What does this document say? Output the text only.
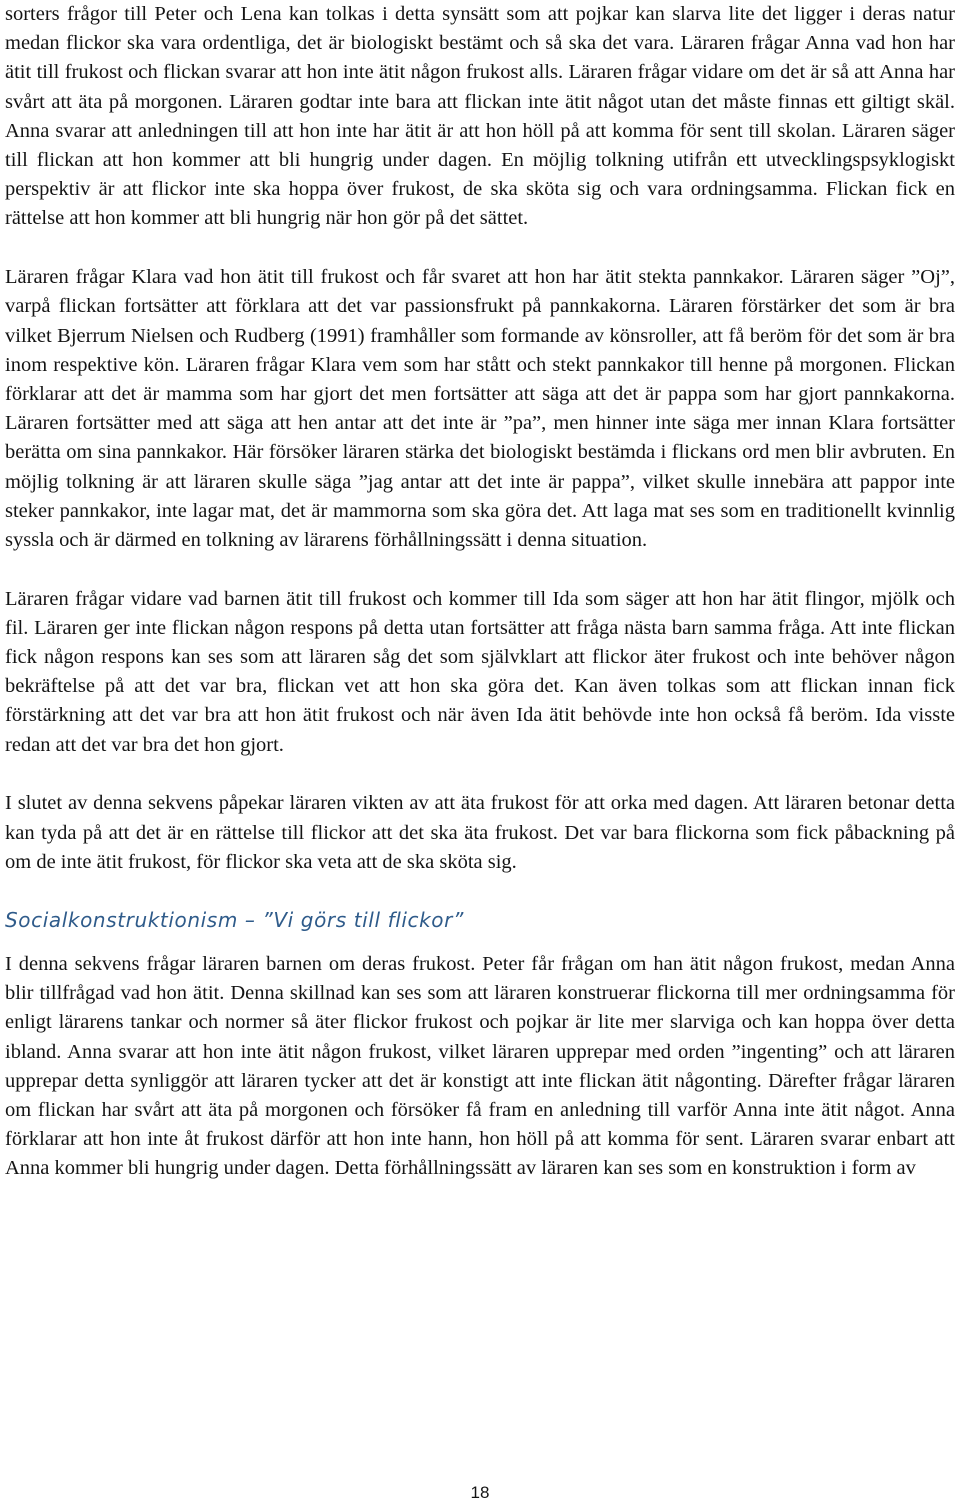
sorters frågor till Peter och Lena kan tolkas i detta synsätt som att pojkar kan slarva lite det ligger i deras natur medan flickor ska vara ordentliga, det är biologiskt bestämt och så ska det vara. Läraren frågar Anna vad hon har ätit till frukost och flickan svarar att hon inte ätit någon frukost alls. Läraren frågar vidare om det är så att Anna har svårt att äta på morgonen. Läraren godtar inte bara att flickan inte ätit något utan det måste finnas ett giltigt skäl. Anna svarar att anledningen till att hon inte har ätit är att hon höll på att komma för sent till skolan. Läraren säger till flickan att hon kommer att bli hungrig under dagen. En möjlig tolkning utifrån ett utvecklingspsyklogiskt perspektiv är att flickor inte ska hoppa över frukost, de ska sköta sig och vara ordningsamma. Flickan fick en rättelse att hon kommer att bli hungrig när hon gör på det sättet.

Läraren frågar Klara vad hon ätit till frukost och får svaret att hon har ätit stekta pannkakor. Läraren säger ”Oj”, varpå flickan fortsätter att förklara att det var passionsfrukt på pannkakorna. Läraren förstärker det som är bra vilket Bjerrum Nielsen och Rudberg (1991) framhåller som formande av könsroller, att få beröm för det som är bra inom respektive kön. Läraren frågar Klara vem som har stått och stekt pannkakor till henne på morgonen. Flickan förklarar att det är mamma som har gjort det men fortsätter att säga att det är pappa som har gjort pannkakorna. Läraren fortsätter med att säga att hen antar att det inte är ”pa”, men hinner inte säga mer innan Klara fortsätter berätta om sina pannkakor. Här försöker läraren stärka det biologiskt bestämda i flickans ord men blir avbruten. En möjlig tolkning är att läraren skulle säga ”jag antar att det inte är pappa”, vilket skulle innebära att pappor inte steker pannkakor, inte lagar mat, det är mammorna som ska göra det. Att laga mat ses som en traditionellt kvinnlig syssla och är därmed en tolkning av lärarens förhållningssätt i denna situation.

Läraren frågar vidare vad barnen ätit till frukost och kommer till Ida som säger att hon har ätit flingor, mjölk och fil. Läraren ger inte flickan någon respons på detta utan fortsätter att fråga nästa barn samma fråga. Att inte flickan fick någon respons kan ses som att läraren såg det som självklart att flickor äter frukost och inte behöver någon bekräftelse på att det var bra, flickan vet att hon ska göra det. Kan även tolkas som att flickan innan fick förstärkning att det var bra att hon ätit frukost och när även Ida ätit behövde inte hon också få beröm. Ida visste redan att det var bra det hon gjort.

I slutet av denna sekvens påpekar läraren vikten av att äta frukost för att orka med dagen. Att läraren betonar detta kan tyda på att det är en rättelse till flickor att det ska äta frukost. Det var bara flickorna som fick påbackning på om de inte ätit frukost, för flickor ska veta att de ska sköta sig.

Socialkonstruktionism – ”Vi görs till flickor”

I denna sekvens frågar läraren barnen om deras frukost. Peter får frågan om han ätit någon frukost, medan Anna blir tillfrågad vad hon ätit. Denna skillnad kan ses som att läraren konstruerar flickorna till mer ordningsamma för enligt lärarens tankar och normer så äter flickor frukost och pojkar är lite mer slarviga och kan hoppa över detta ibland. Anna svarar att hon inte ätit någon frukost, vilket läraren upprepar med orden ”ingenting” och att läraren upprepar detta synliggör att läraren tycker att det är konstigt att inte flickan ätit någonting. Därefter frågar läraren om flickan har svårt att äta på morgonen och försöker få fram en anledning till varför Anna inte ätit något. Anna förklarar att hon inte åt frukost därför att hon inte hann, hon höll på att komma för sent. Läraren svarar enbart att Anna kommer bli hungrig under dagen. Detta förhållningssätt av läraren kan ses som en konstruktion i form av

18
